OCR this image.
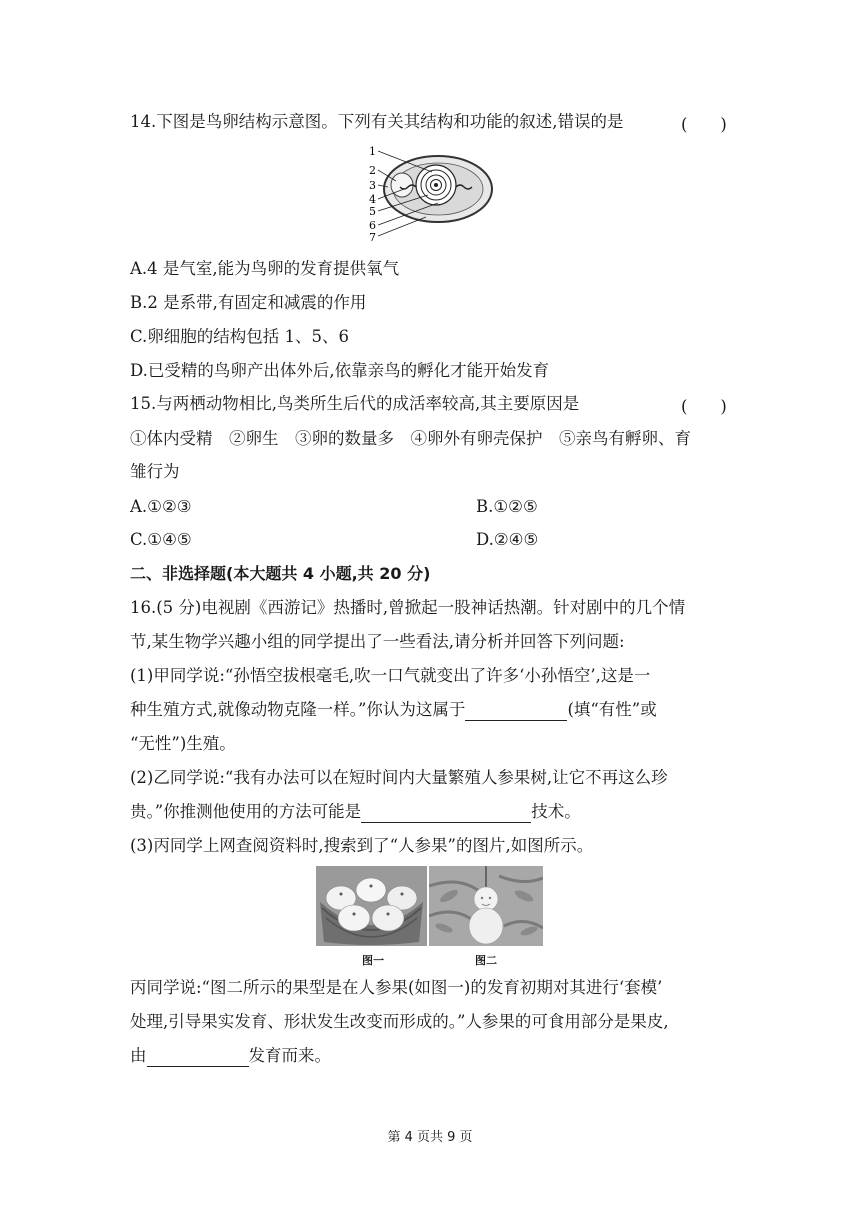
14.下图是鸟卵结构示意图。下列有关其结构和功能的叙述,错误的是	(　　)
1
2
3
4
5
6
7
A.4 是气室,能为鸟卵的发育提供氧气
B.2 是系带,有固定和减震的作用
C.卵细胞的结构包括 1、5、6
D.已受精的鸟卵产出体外后,依靠亲鸟的孵化才能开始发育
15.与两栖动物相比,鸟类所生后代的成活率较高,其主要原因是	(　　)
①体内受精　②卵生　③卵的数量多　④卵外有卵壳保护　⑤亲鸟有孵卵、育
雏行为
A.①②③	B.①②⑤
C.①④⑤	D.②④⑤
二、非选择题(本大题共 4 小题,共 20 分)
16.(5 分)电视剧《西游记》热播时,曾掀起一股神话热潮。针对剧中的几个情
节,某生物学兴趣小组的同学提出了一些看法,请分析并回答下列问题:
(1)甲同学说:“孙悟空拔根毫毛,吹一口气就变出了许多‘小孙悟空’,这是一
种生殖方式,就像动物克隆一样。”你认为这属于	(填“有性”或
“无性”)生殖。
(2)乙同学说:“我有办法可以在短时间内大量繁殖人参果树,让它不再这么珍
贵。”你推测他使用的方法可能是	技术。
(3)丙同学上网查阅资料时,搜索到了“人参果”的图片,如图所示。
图一	图二
丙同学说:“图二所示的果型是在人参果(如图一)的发育初期对其进行‘套模’
处理,引导果实发育、形状发生改变而形成的。”人参果的可食用部分是果皮,
由	发育而来。
第 4 页共 9 页
